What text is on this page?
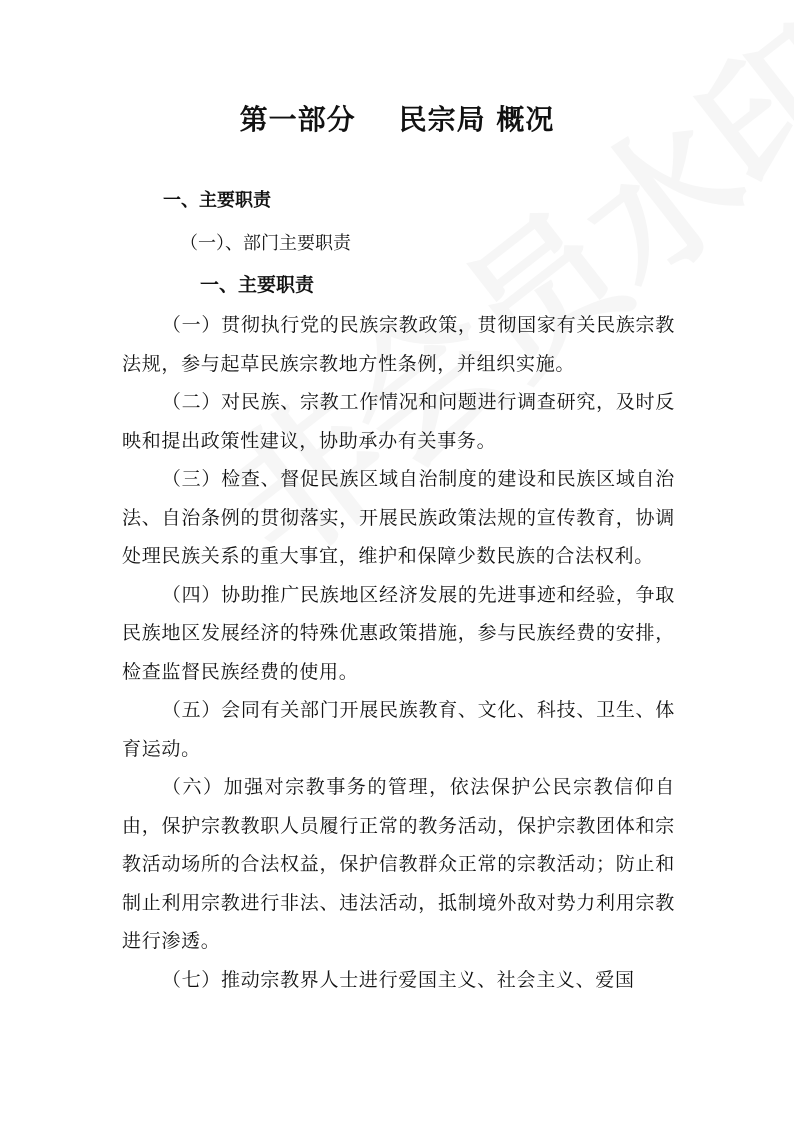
第一部分    民宗局 概况
一、主要职责
（一）、部门主要职责
一、主要职责

（一）贯彻执行党的民族宗教政策，贯彻国家有关民族宗教法规，参与起草民族宗教地方性条例，并组织实施。

（二）对民族、宗教工作情况和问题进行调查研究，及时反映和提出政策性建议，协助承办有关事务。

（三）检查、督促民族区域自治制度的建设和民族区域自治法、自治条例的贯彻落实，开展民族政策法规的宣传教育，协调处理民族关系的重大事宜，维护和保障少数民族的合法权利。

（四）协助推广民族地区经济发展的先进事迹和经验，争取民族地区发展经济的特殊优惠政策措施，参与民族经费的安排，检查监督民族经费的使用。

（五）会同有关部门开展民族教育、文化、科技、卫生、体育运动。

（六）加强对宗教事务的管理，依法保护公民宗教信仰自由，保护宗教教职人员履行正常的教务活动，保护宗教团体和宗教活动场所的合法权益，保护信教群众正常的宗教活动；防止和制止利用宗教进行非法、违法活动，抵制境外敌对势力利用宗教进行渗透。

（七）推动宗教界人士进行爱国主义、社会主义、爱国
